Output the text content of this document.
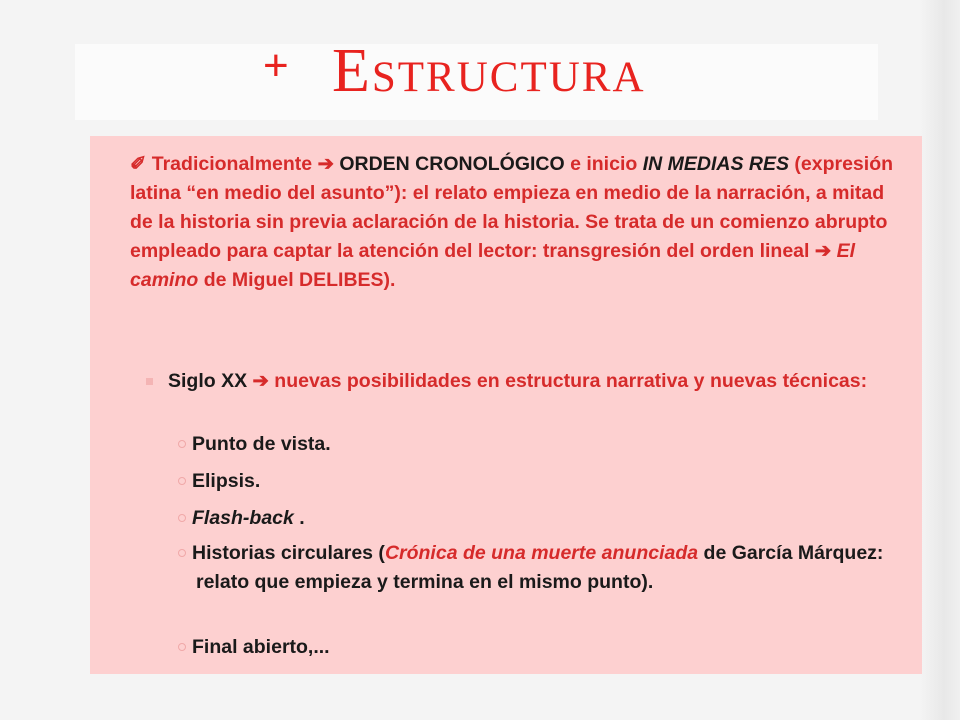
+ Estructura
✐ Tradicionalmente ➔ ORDEN CRONOLÓGICO e inicio IN MEDIAS RES (expresión latina “en medio del asunto”): el relato empieza en medio de la narración, a mitad de la historia sin previa aclaración de la historia. Se trata de un comienzo abrupto empleado para captar la atención del lector: transgresión del orden lineal ➔ El camino de Miguel DELIBES).
Siglo XX ➔ nuevas posibilidades en estructura narrativa y nuevas técnicas:
Punto de vista.
Elipsis.
Flash-back .
Historias circulares (Crónica de una muerte anunciada de García Márquez: relato que empieza y termina en el mismo punto).
Final abierto,...
